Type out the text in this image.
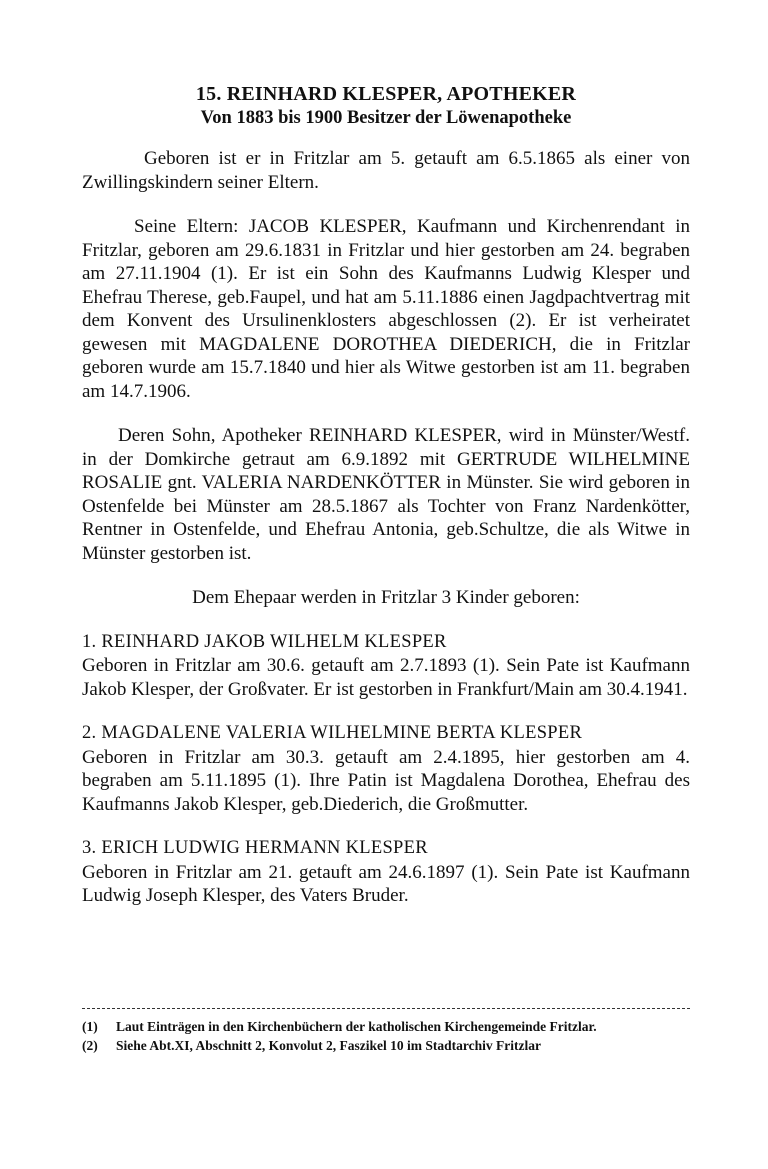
15. REINHARD KLESPER, APOTHEKER
Von 1883 bis 1900 Besitzer der Löwenapotheke

Geboren ist er in Fritzlar am 5. getauft am 6.5.1865 als einer von Zwillingskindern seiner Eltern.

Seine Eltern: JACOB KLESPER, Kaufmann und Kirchenrendant in Fritzlar, geboren am 29.6.1831 in Fritzlar und hier gestorben am 24. begraben am 27.11.1904 (1). Er ist ein Sohn des Kaufmanns Ludwig Klesper und Ehefrau Therese, geb.Faupel, und hat am 5.11.1886 einen Jagdpachtvertrag mit dem Konvent des Ursulinenklosters abgeschlossen (2). Er ist verheiratet gewesen mit MAGDALENE DOROTHEA DIEDERICH, die in Fritzlar geboren wurde am 15.7.1840 und hier als Witwe gestorben ist am 11. begraben am 14.7.1906.

Deren Sohn, Apotheker REINHARD KLESPER, wird in Münster/Westf. in der Domkirche getraut am 6.9.1892 mit GERTRUDE WILHELMINE ROSALIE gnt. VALERIA NARDENKÖTTER in Münster. Sie wird geboren in Ostenfelde bei Münster am 28.5.1867 als Tochter von Franz Nardenkötter, Rentner in Ostenfelde, und Ehefrau Antonia, geb.Schultze, die als Witwe in Münster gestorben ist.

Dem Ehepaar werden in Fritzlar 3 Kinder geboren:

1. REINHARD JAKOB WILHELM KLESPER

Geboren in Fritzlar am 30.6. getauft am 2.7.1893 (1). Sein Pate ist Kaufmann Jakob Klesper, der Großvater. Er ist gestorben in Frankfurt/Main am 30.4.1941.

2. MAGDALENE VALERIA WILHELMINE BERTA KLESPER

Geboren in Fritzlar am 30.3. getauft am 2.4.1895, hier gestorben am 4. begraben am 5.11.1895 (1). Ihre Patin ist Magdalena Dorothea, Ehefrau des Kaufmanns Jakob Klesper, geb.Diederich, die Großmutter.

3. ERICH LUDWIG HERMANN KLESPER

Geboren in Fritzlar am 21. getauft am 24.6.1897 (1). Sein Pate ist Kaufmann Ludwig Joseph Klesper, des Vaters Bruder.

(1)	Laut Einträgen in den Kirchenbüchern der katholischen Kirchengemeinde Fritzlar.
(2)	Siehe Abt.XI, Abschnitt 2, Konvolut 2, Faszikel 10 im Stadtarchiv Fritzlar
